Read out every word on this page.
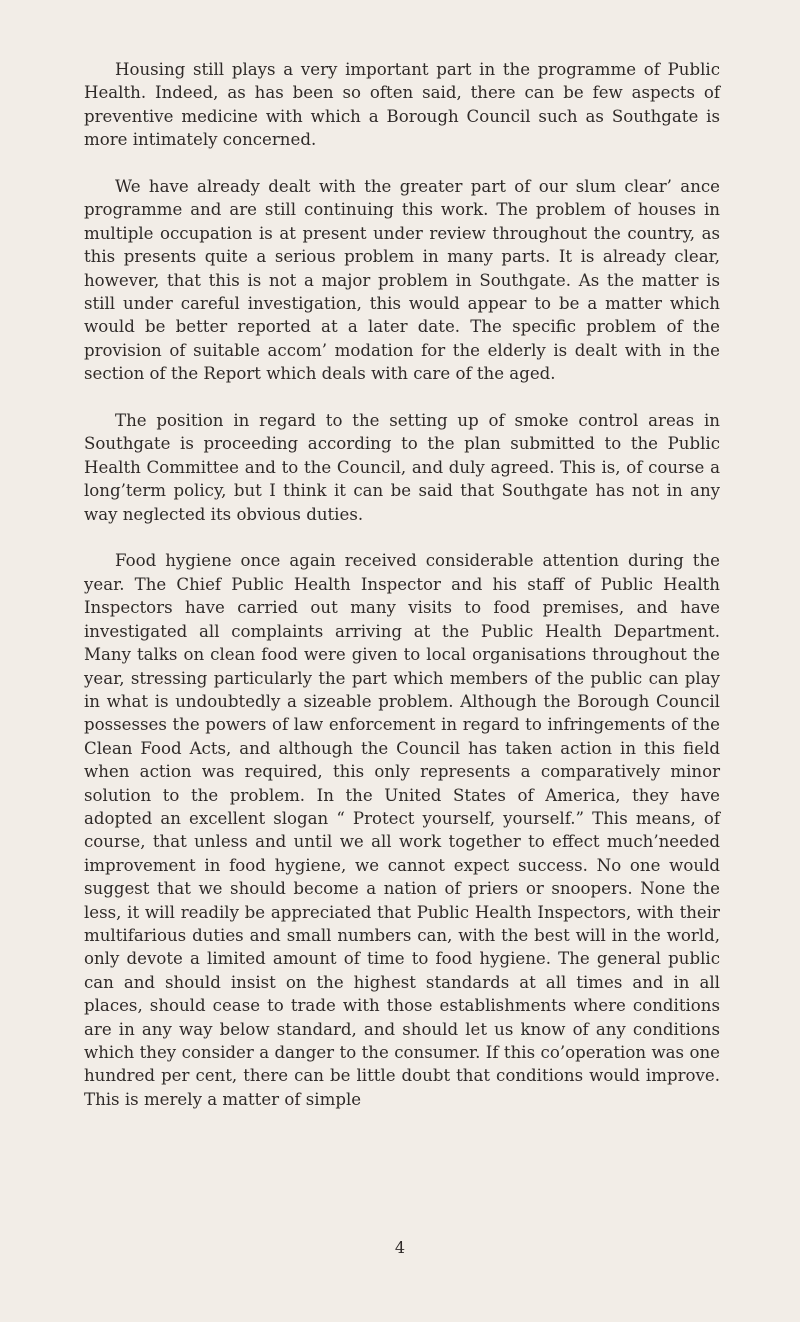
Housing still plays a very important part in the programme of Public Health. Indeed, as has been so often said, there can be few aspects of preventive medicine with which a Borough Council such as Southgate is more intimately concerned.

We have already dealt with the greater part of our slum clear’ ance programme and are still continuing this work. The problem of houses in multiple occupation is at present under review throughout the country, as this presents quite a serious problem in many parts. It is already clear, however, that this is not a major problem in Southgate. As the matter is still under careful investigation, this would appear to be a matter which would be better reported at a later date. The specific problem of the provision of suitable accom’ modation for the elderly is dealt with in the section of the Report which deals with care of the aged.

The position in regard to the setting up of smoke control areas in Southgate is proceeding according to the plan submitted to the Public Health Committee and to the Council, and duly agreed. This is, of course a long’term policy, but I think it can be said that Southgate has not in any way neglected its obvious duties.

Food hygiene once again received considerable attention during the year. The Chief Public Health Inspector and his staff of Public Health Inspectors have carried out many visits to food premises, and have investigated all complaints arriving at the Public Health Department. Many talks on clean food were given to local organisations throughout the year, stressing particularly the part which members of the public can play in what is undoubtedly a sizeable problem. Although the Borough Council possesses the powers of law enforcement in regard to infringements of the Clean Food Acts, and although the Council has taken action in this field when action was required, this only represents a comparatively minor solution to the problem. In the United States of America, they have adopted an excellent slogan “ Protect yourself, yourself.” This means, of course, that unless and until we all work together to effect much’needed improvement in food hygiene, we cannot expect success. No one would suggest that we should become a nation of priers or snoopers. None the less, it will readily be appreciated that Public Health Inspectors, with their multifarious duties and small numbers can, with the best will in the world, only devote a limited amount of time to food hygiene. The general public can and should insist on the highest standards at all times and in all places, should cease to trade with those establishments where conditions are in any way below standard, and should let us know of any conditions which they consider a danger to the consumer. If this co’operation was one hundred per cent, there can be little doubt that conditions would improve. This is merely a matter of simple

4
